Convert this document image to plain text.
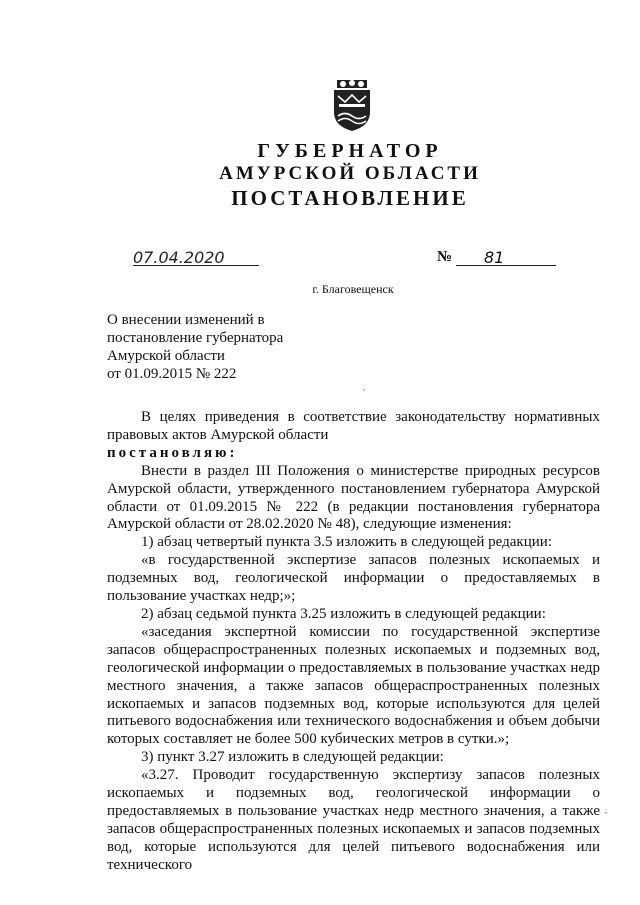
ГУБЕРНАТОР
АМУРСКОЙ ОБЛАСТИ
ПОСТАНОВЛЕНИЕ
07.04.2020	№ 81
г. Благовещенск
О внесении изменений в
постановление губернатора
Амурской области
от 01.09.2015 № 222
ˋ

В целях приведения в соответствие законодательству нормативных правовых актов Амурской области

постановляю:

Внести в раздел III Положения о министерстве природных ресурсов Амурской области, утвержденного постановлением губернатора Амурской области от 01.09.2015 № 222 (в редакции постановления губернатора Амурской области от 28.02.2020 № 48), следующие изменения:

1) абзац четвертый пункта 3.5 изложить в следующей редакции:

«в государственной экспертизе запасов полезных ископаемых и подземных вод, геологической информации о предоставляемых в пользование участках недр;»;

2) абзац седьмой пункта 3.25 изложить в следующей редакции:

«заседания экспертной комиссии по государственной экспертизе запасов общераспространенных полезных ископаемых и подземных вод, геологической информации о предоставляемых в пользование участках недр местного значения, а также запасов общераспространенных полезных ископаемых и запасов подземных вод, которые используются для целей питьевого водоснабжения или технического водоснабжения и объем добычи которых составляет не более 500 кубических метров в сутки.»;

3) пункт 3.27 изложить в следующей редакции:

«3.27. Проводит государственную экспертизу запасов полезных ископаемых и подземных вод, геологической информации о предоставляемых в пользование участках недр местного значения, а также запасов общераспространенных полезных ископаемых и запасов подземных вод, которые используются для целей питьевого водоснабжения или технического

ˎ
